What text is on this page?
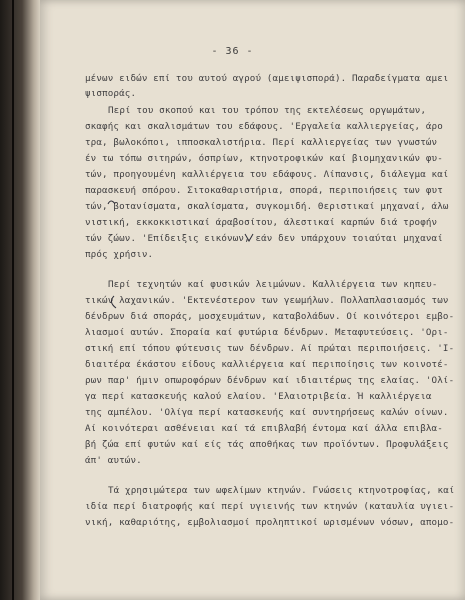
- 36 -
μένων ειδών επί του αυτού αγρού (αμειψισπορά). Παραδείγματα αμει
ψισποράς.
Περί του σκοπού και του τρόπου της εκτελέσεως οργωμάτων,
σκαφής και σκαλισμάτων του εδάφους. 'Εργαλεία καλλιεργείας, άρο
τρα, βωλοκόποι, ιπποσκαλιστήρια. Περί καλλιεργείας των γνωστών
έν τω τόπω σιτηρών, όσπρίων, κτηνοτροφικών καί βιομηχανικών φυ-
τών, προηγουμένη καλλιέργεια του εδάφους. Λίπανσις, διάλεγμα καί
παρασκευή σπόρου. Σιτοκαθαριστήρια, σπορά, περιποιήσεις των φυτ
τών, βοτανίσματα, σκαλίσματα, συγκομιδή. Θεριστικαί μηχαναί, άλω
νιστική, εκκοκκιστικαί άραβοσίτου, άλεστικαί καρπών διά τροφήν
τών ζώων. 'Επίδειξις εικόνων, εάν δεν υπάρχουν τοιαύται μηχαναί
πρός χρήσιν.
Περί τεχνητών καί φυσικών λειμώνων. Καλλιέργεια των κηπευ-
τικών λαχανικών. 'Εκτενέστερον των γεωμήλων. Πολλαπλασιασμός των
δένδρων διά σποράς, μοσχευμάτων, καταβολάδων. Οί κοινότεροι εμβο-
λιασμοί αυτών. Σποραία καί φυτώρια δένδρων. Μεταφυτεύσεις. 'Ορι-
στική επί τόπου φύτευσις των δένδρων. Αί πρώται περιποιήσεις. 'Ι-
διαιτέρα έκάστου είδους καλλιέργεια καί περιποίησις των κοινοτέ-
ρων παρ' ήμιν οπωροφόρων δένδρων καί ιδιαιτέρως της ελαίας. 'Ολί-
γα περί κατασκευής καλού ελαίου. 'Ελαιοτριβεία. Ή καλλιέργεια
της αμπέλου. 'Ολίγα περί κατασκευής καί συντηρήσεως καλών οίνων.
Αί κοινότεραι ασθένειαι καί τά επιβλαβή έντομα καί άλλα επιβλα-
βή ζώα επί φυτών καί είς τάς αποθήκας των προϊόντων. Προφυλάξεις
άπ' αυτών.
Τά χρησιμώτερα των ωφελίμων κτηνών. Γνώσεις κτηνοτροφίας, καί
ιδία περί διατροφής καί περί υγιεινής των κτηνών (καταυλία υγιει-
νική, καθαριότης, εμβολιασμοί προληπτικοί ωρισμένων νόσων, απομο-
